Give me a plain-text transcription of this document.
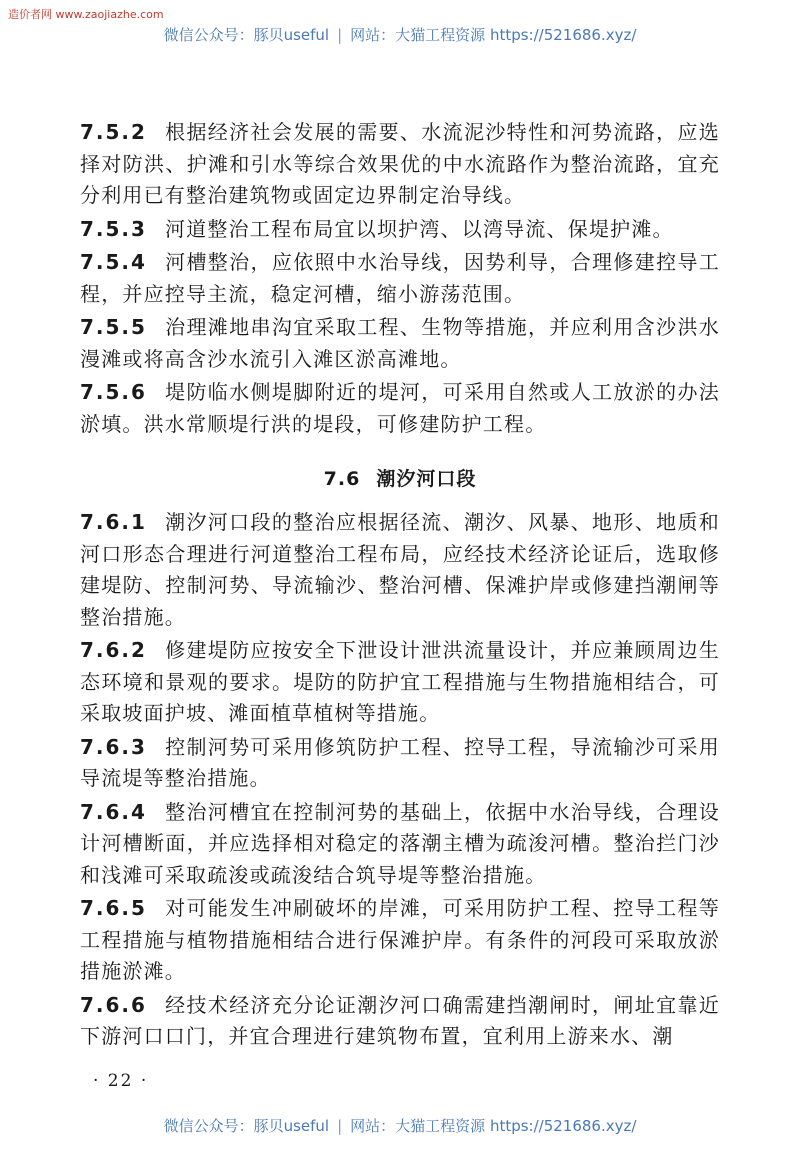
造价者网 www.zaojiazhe.com
微信公众号：豚贝useful | 网站：大猫工程资源 https://521686.xyz/

7.5.2 根据经济社会发展的需要、水流泥沙特性和河势流路，应选择对防洪、护滩和引水等综合效果优的中水流路作为整治流路，宜充分利用已有整治建筑物或固定边界制定治导线。

7.5.3 河道整治工程布局宜以坝护湾、以湾导流、保堤护滩。

7.5.4 河槽整治，应依照中水治导线，因势利导，合理修建控导工程，并应控导主流，稳定河槽，缩小游荡范围。

7.5.5 治理滩地串沟宜采取工程、生物等措施，并应利用含沙洪水漫滩或将高含沙水流引入滩区淤高滩地。

7.5.6 堤防临水侧堤脚附近的堤河，可采用自然或人工放淤的办法淤填。洪水常顺堤行洪的堤段，可修建防护工程。

7.6 潮汐河口段

7.6.1 潮汐河口段的整治应根据径流、潮汐、风暴、地形、地质和河口形态合理进行河道整治工程布局，应经技术经济论证后，选取修建堤防、控制河势、导流输沙、整治河槽、保滩护岸或修建挡潮闸等整治措施。

7.6.2 修建堤防应按安全下泄设计泄洪流量设计，并应兼顾周边生态环境和景观的要求。堤防的防护宜工程措施与生物措施相结合，可采取坡面护坡、滩面植草植树等措施。

7.6.3 控制河势可采用修筑防护工程、控导工程，导流输沙可采用导流堤等整治措施。

7.6.4 整治河槽宜在控制河势的基础上，依据中水治导线，合理设计河槽断面，并应选择相对稳定的落潮主槽为疏浚河槽。整治拦门沙和浅滩可采取疏浚或疏浚结合筑导堤等整治措施。

7.6.5 对可能发生冲刷破坏的岸滩，可采用防护工程、控导工程等工程措施与植物措施相结合进行保滩护岸。有条件的河段可采取放淤措施淤滩。

7.6.6 经技术经济充分论证潮汐河口确需建挡潮闸时，闸址宜靠近下游河口口门，并宜合理进行建筑物布置，宜利用上游来水、潮

· 22 ·
微信公众号：豚贝useful | 网站：大猫工程资源 https://521686.xyz/
